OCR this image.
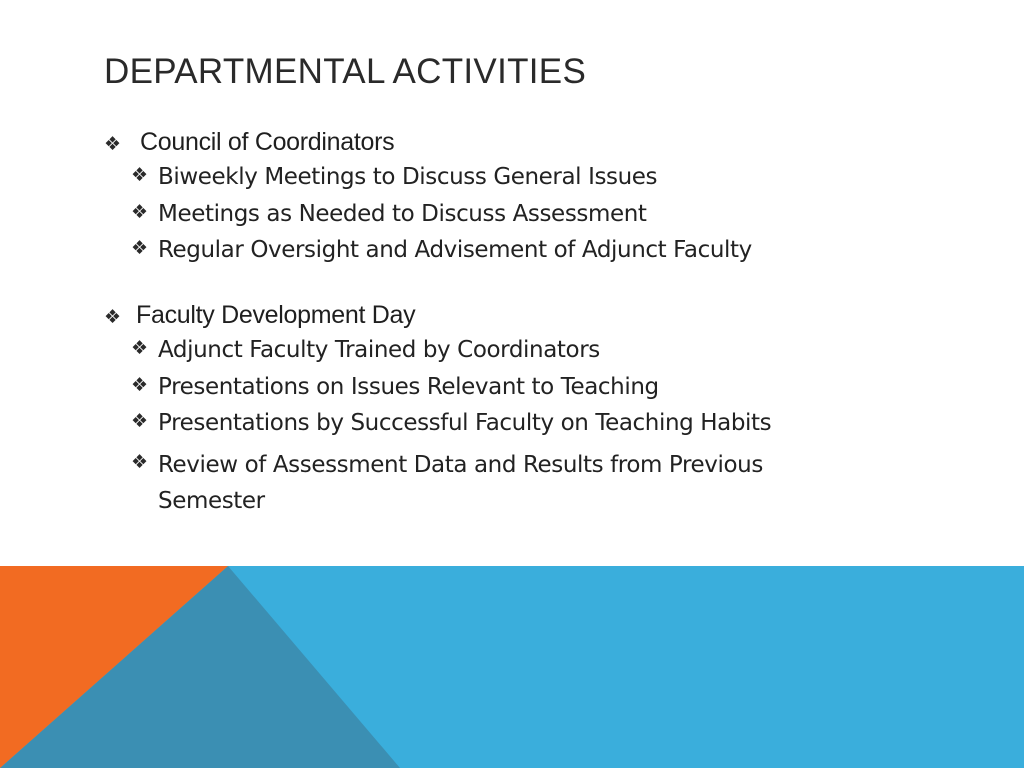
DEPARTMENTAL ACTIVITIES
❖ Council of Coordinators
❖ Biweekly Meetings to Discuss General Issues
❖ Meetings as Needed to Discuss Assessment
❖ Regular Oversight and Advisement of Adjunct Faculty
❖ Faculty Development Day
❖ Adjunct Faculty Trained by Coordinators
❖ Presentations on Issues Relevant to Teaching
❖ Presentations by Successful Faculty on Teaching Habits
❖ Review of Assessment Data and Results from Previous Semester
